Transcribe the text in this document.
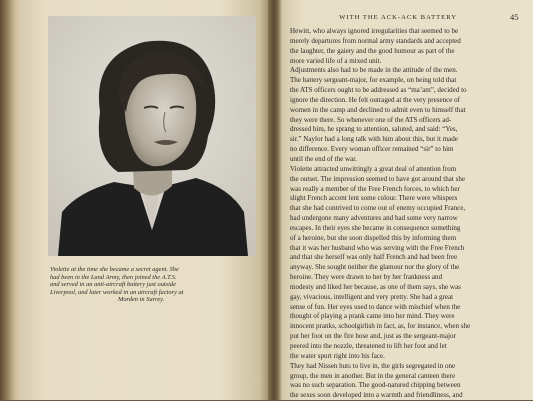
Violette at the time she became a secret agent. She

had been in the Land Army, then joined the A.T.S.

and served in an anti-aircraft battery just outside

Liverpool, and later worked in an aircraft factory at

Morden in Surrey.

WITH THE ACK-ACK BATTERY	45
Hewitt, who always ignored irregularities that seemed to be
merely departures from normal army standards and accepted
the laughter, the gaiety and the good humour as part of the
more varied life of a mixed unit.
Adjustments also had to be made in the attitude of the men.
The battery sergeant-major, for example, on being told that
the ATS officers ought to be addressed as “ma’am”, decided to
ignore the direction. He felt outraged at the very presence of
women in the camp and declined to admit even to himself that
they were there. So whenever one of the ATS officers ad-
dressed him, he sprang to attention, saluted, and said: “Yes,
sir.” Naylor had a long talk with him about this, but it made
no difference. Every woman officer remained “sir” to him
until the end of the war.
Violette attracted unwittingly a great deal of attention from
the outset. The impression seemed to have got around that she
was really a member of the Free French forces, to which her
slight French accent lent some colour. There were whispers
that she had contrived to come out of enemy occupied France,
had undergone many adventures and had some very narrow
escapes. In their eyes she became in consequence something
of a heroine, but she soon dispelled this by informing them
that it was her husband who was serving with the Free French
and that she herself was only half French and had been free
anyway. She sought neither the glamour nor the glory of the
heroine. They were drawn to her by her frankness and
modesty and liked her because, as one of them says, she was
gay, vivacious, intelligent and very pretty. She had a great
sense of fun. Her eyes used to dance with mischief when the
thought of playing a prank came into her mind. They were
innocent pranks, schoolgirlish in fact, as, for instance, when she
put her foot on the fire hose and, just as the sergeant-major
peered into the nozzle, threatened to lift her foot and let
the water spurt right into his face.
They had Nissen huts to live in, the girls segregated in one
group, the men in another. But in the general canteen there
was no such separation. The good-natured chipping between
the sexes soon developed into a warmth and friendliness, and
